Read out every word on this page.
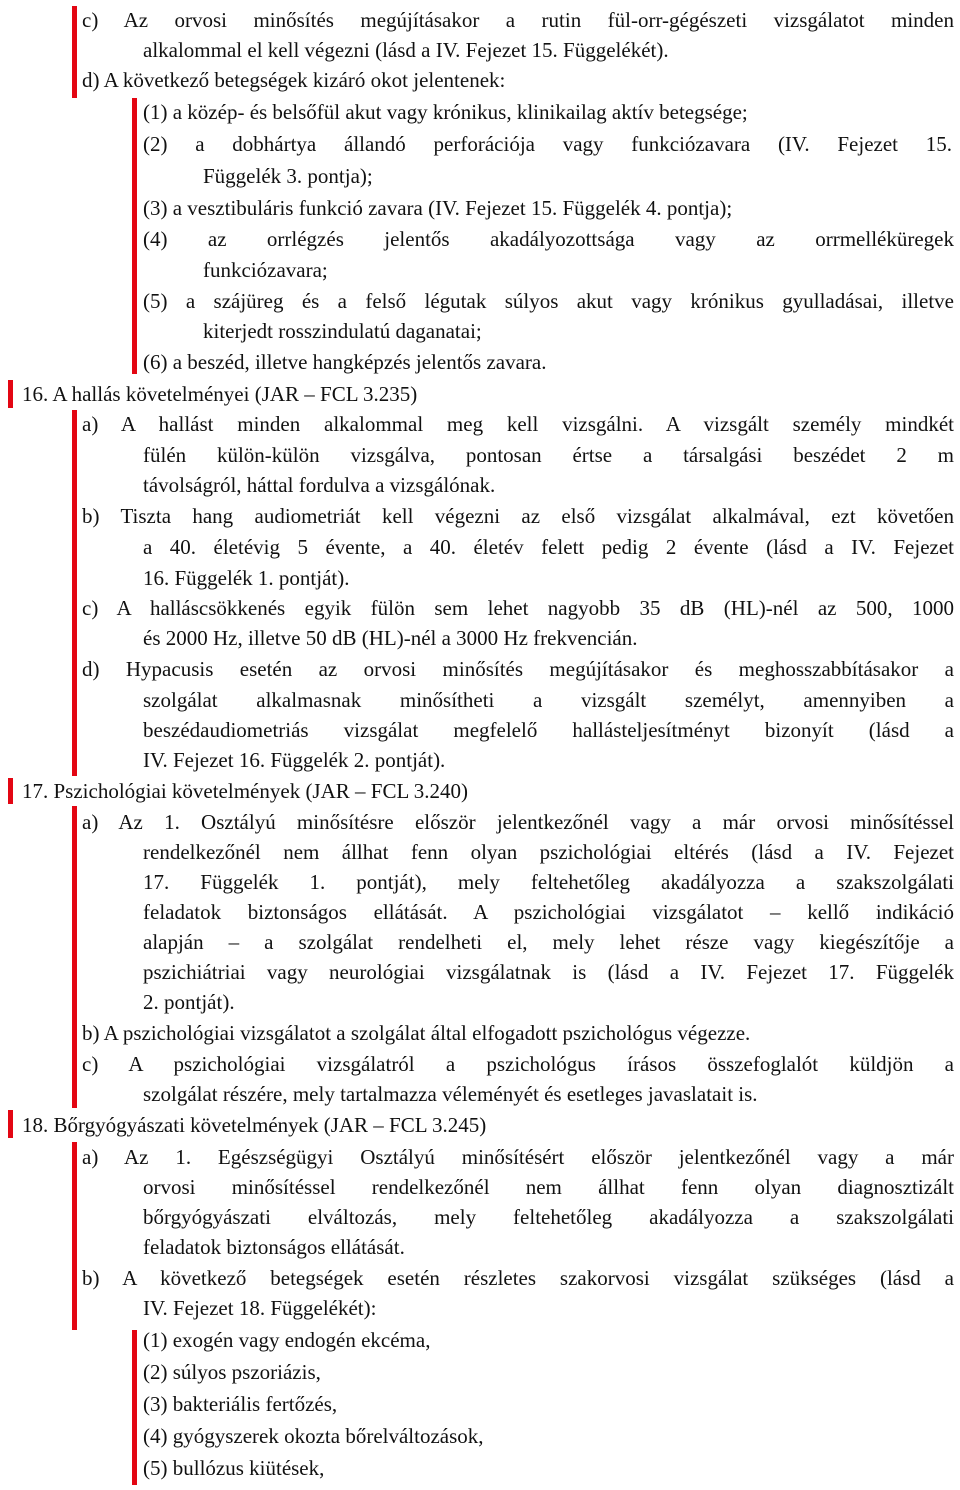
c) Az orvosi minősítés megújításakor a rutin fül-orr-gégészeti vizsgálatot minden
alkalommal el kell végezni (lásd a IV. Fejezet 15. Függelékét).
d) A következő betegségek kizáró okot jelentenek:
(1) a közép- és belsőfül akut vagy krónikus, klinikailag aktív betegsége;
(2) a dobhártya állandó perforációja vagy funkciózavara (IV. Fejezet 15.
Függelék 3. pontja);
(3) a vesztibuláris funkció zavara (IV. Fejezet 15. Függelék 4. pontja);
(4) az orrlégzés jelentős akadályozottsága vagy az orrmelléküregek
funkciózavara;
(5) a szájüreg és a felső légutak súlyos akut vagy krónikus gyulladásai, illetve
kiterjedt rosszindulatú daganatai;
(6) a beszéd, illetve hangképzés jelentős zavara.
16. A hallás követelményei (JAR – FCL 3.235)
a) A hallást minden alkalommal meg kell vizsgálni. A vizsgált személy mindkét
fülén külön-külön vizsgálva, pontosan értse a társalgási beszédet 2 m
távolságról, háttal fordulva a vizsgálónak.
b) Tiszta hang audiometriát kell végezni az első vizsgálat alkalmával, ezt követően
a 40. életévig 5 évente, a 40. életév felett pedig 2 évente (lásd a IV. Fejezet
16. Függelék 1. pontját).
c) A halláscsökkenés egyik fülön sem lehet nagyobb 35 dB (HL)-nél az 500, 1000
és 2000 Hz, illetve 50 dB (HL)-nél a 3000 Hz frekvencián.
d) Hypacusis esetén az orvosi minősítés megújításakor és meghosszabbításakor a
szolgálat alkalmasnak minősítheti a vizsgált személyt, amennyiben a
beszédaudiometriás vizsgálat megfelelő hallásteljesítményt bizonyít (lásd a
IV. Fejezet 16. Függelék 2. pontját).
17. Pszichológiai követelmények (JAR – FCL 3.240)
a) Az 1. Osztályú minősítésre először jelentkezőnél vagy a már orvosi minősítéssel
rendelkezőnél nem állhat fenn olyan pszichológiai eltérés (lásd a IV. Fejezet
17. Függelék 1. pontját), mely feltehetőleg akadályozza a szakszolgálati
feladatok biztonságos ellátását. A pszichológiai vizsgálatot – kellő indikáció
alapján – a szolgálat rendelheti el, mely lehet része vagy kiegészítője a
pszichiátriai vagy neurológiai vizsgálatnak is (lásd a IV. Fejezet 17. Függelék
2. pontját).
b) A pszichológiai vizsgálatot a szolgálat által elfogadott pszichológus végezze.
c) A pszichológiai vizsgálatról a pszichológus írásos összefoglalót küldjön a
szolgálat részére, mely tartalmazza véleményét és esetleges javaslatait is.
18. Bőrgyógyászati követelmények (JAR – FCL 3.245)
a) Az 1. Egészségügyi Osztályú minősítésért először jelentkezőnél vagy a már
orvosi minősítéssel rendelkezőnél nem állhat fenn olyan diagnosztizált
bőrgyógyászati elváltozás, mely feltehetőleg akadályozza a szakszolgálati
feladatok biztonságos ellátását.
b) A következő betegségek esetén részletes szakorvosi vizsgálat szükséges (lásd a
IV. Fejezet 18. Függelékét):
(1) exogén vagy endogén ekcéma,
(2) súlyos pszoriázis,
(3) bakteriális fertőzés,
(4) gyógyszerek okozta bőrelváltozások,
(5) bullózus kiütések,
